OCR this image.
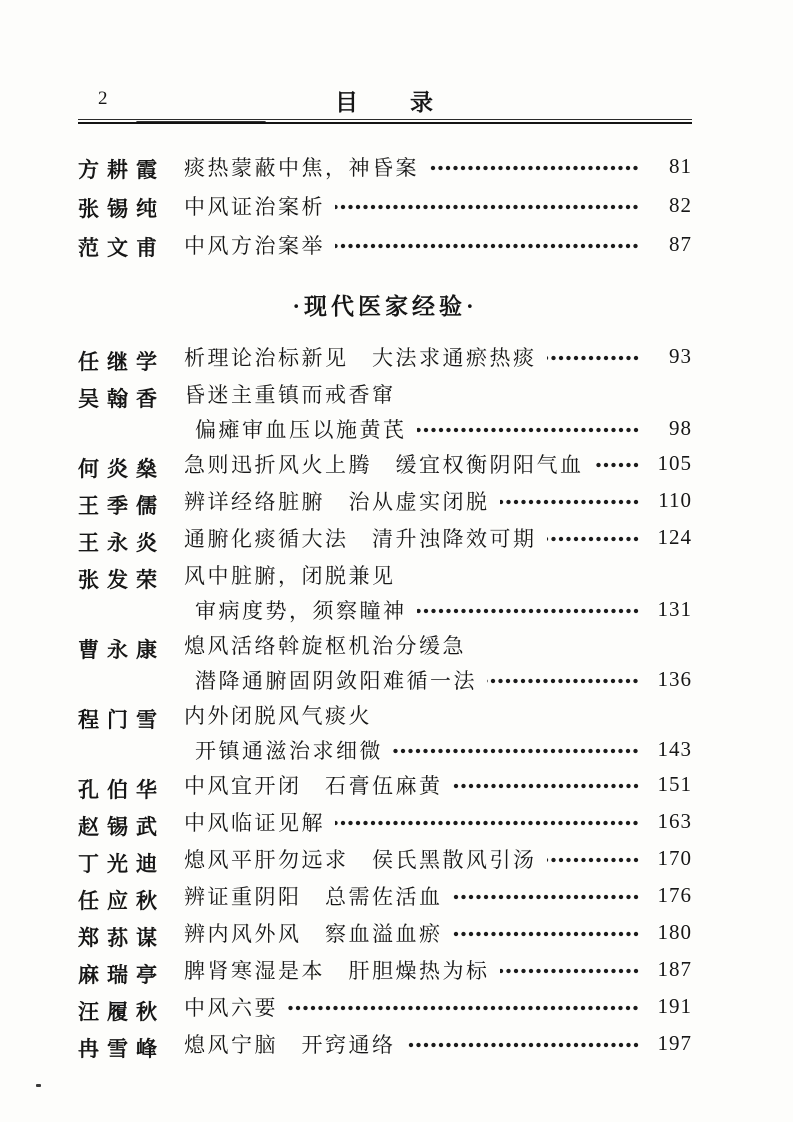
2	目　　录
方耕霞 痰热蒙蔽中焦，神昏案	81
张锡纯 中风证治案析	82
范文甫 中风方治案举	87
·现代医家经验·
任继学 析理论治标新见　大法求通瘀热痰	93
吴翰香 昏迷主重镇而戒香窜
偏瘫审血压以施黄芪	98
何炎燊 急则迅折风火上腾　缓宜权衡阴阳气血	105
王季儒 辨详经络脏腑　治从虚实闭脱	110
王永炎 通腑化痰循大法　清升浊降效可期	124
张发荣 风中脏腑，闭脱兼见
审病度势，须察瞳神	131
曹永康 熄风活络斡旋枢机治分缓急
潜降通腑固阴敛阳难循一法	136
程门雪 内外闭脱风气痰火
开镇通滋治求细微	143
孔伯华 中风宜开闭　石膏伍麻黄	151
赵锡武 中风临证见解	163
丁光迪 熄风平肝勿远求　侯氏黑散风引汤	170
任应秋 辨证重阴阳　总需佐活血	176
郑荪谋 辨内风外风　察血溢血瘀	180
麻瑞亭 脾肾寒湿是本　肝胆燥热为标	187
汪履秋 中风六要	191
冉雪峰 熄风宁脑　开窍通络	197
